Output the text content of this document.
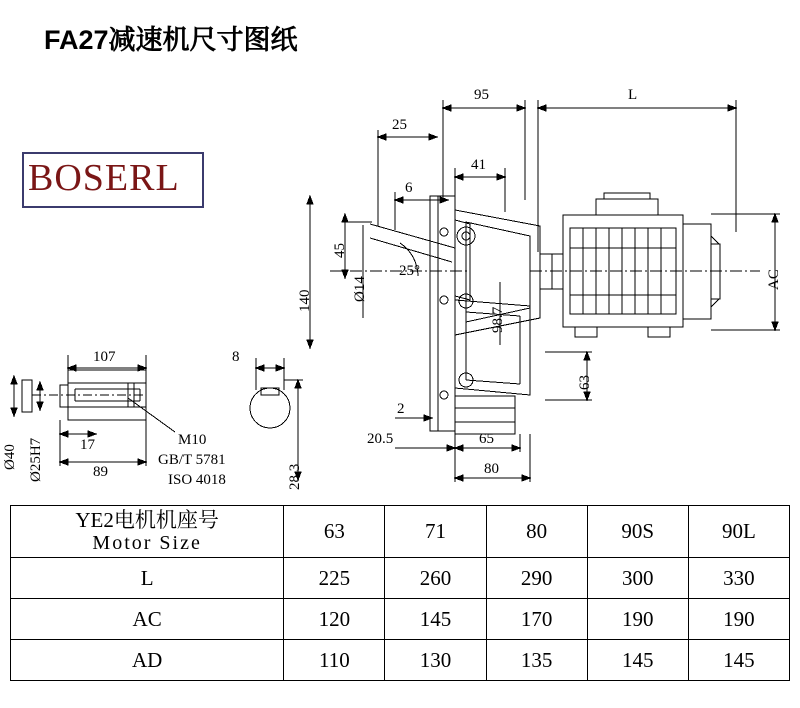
FA27减速机尺寸图纸
BOSERL
95	L
25
41
6
45
140
25°
Ø14
98.7
AC
63
2
20.5	65
80
107	8
17
89
Ø40 Ø25H7	28.3
M10
GB/T 5781
ISO 4018
YE2电机机座号
Motor Size	63	71	80	90S	90L
L	225	260	290	300	330
AC	120	145	170	190	190
AD	110	130	135	145	145
